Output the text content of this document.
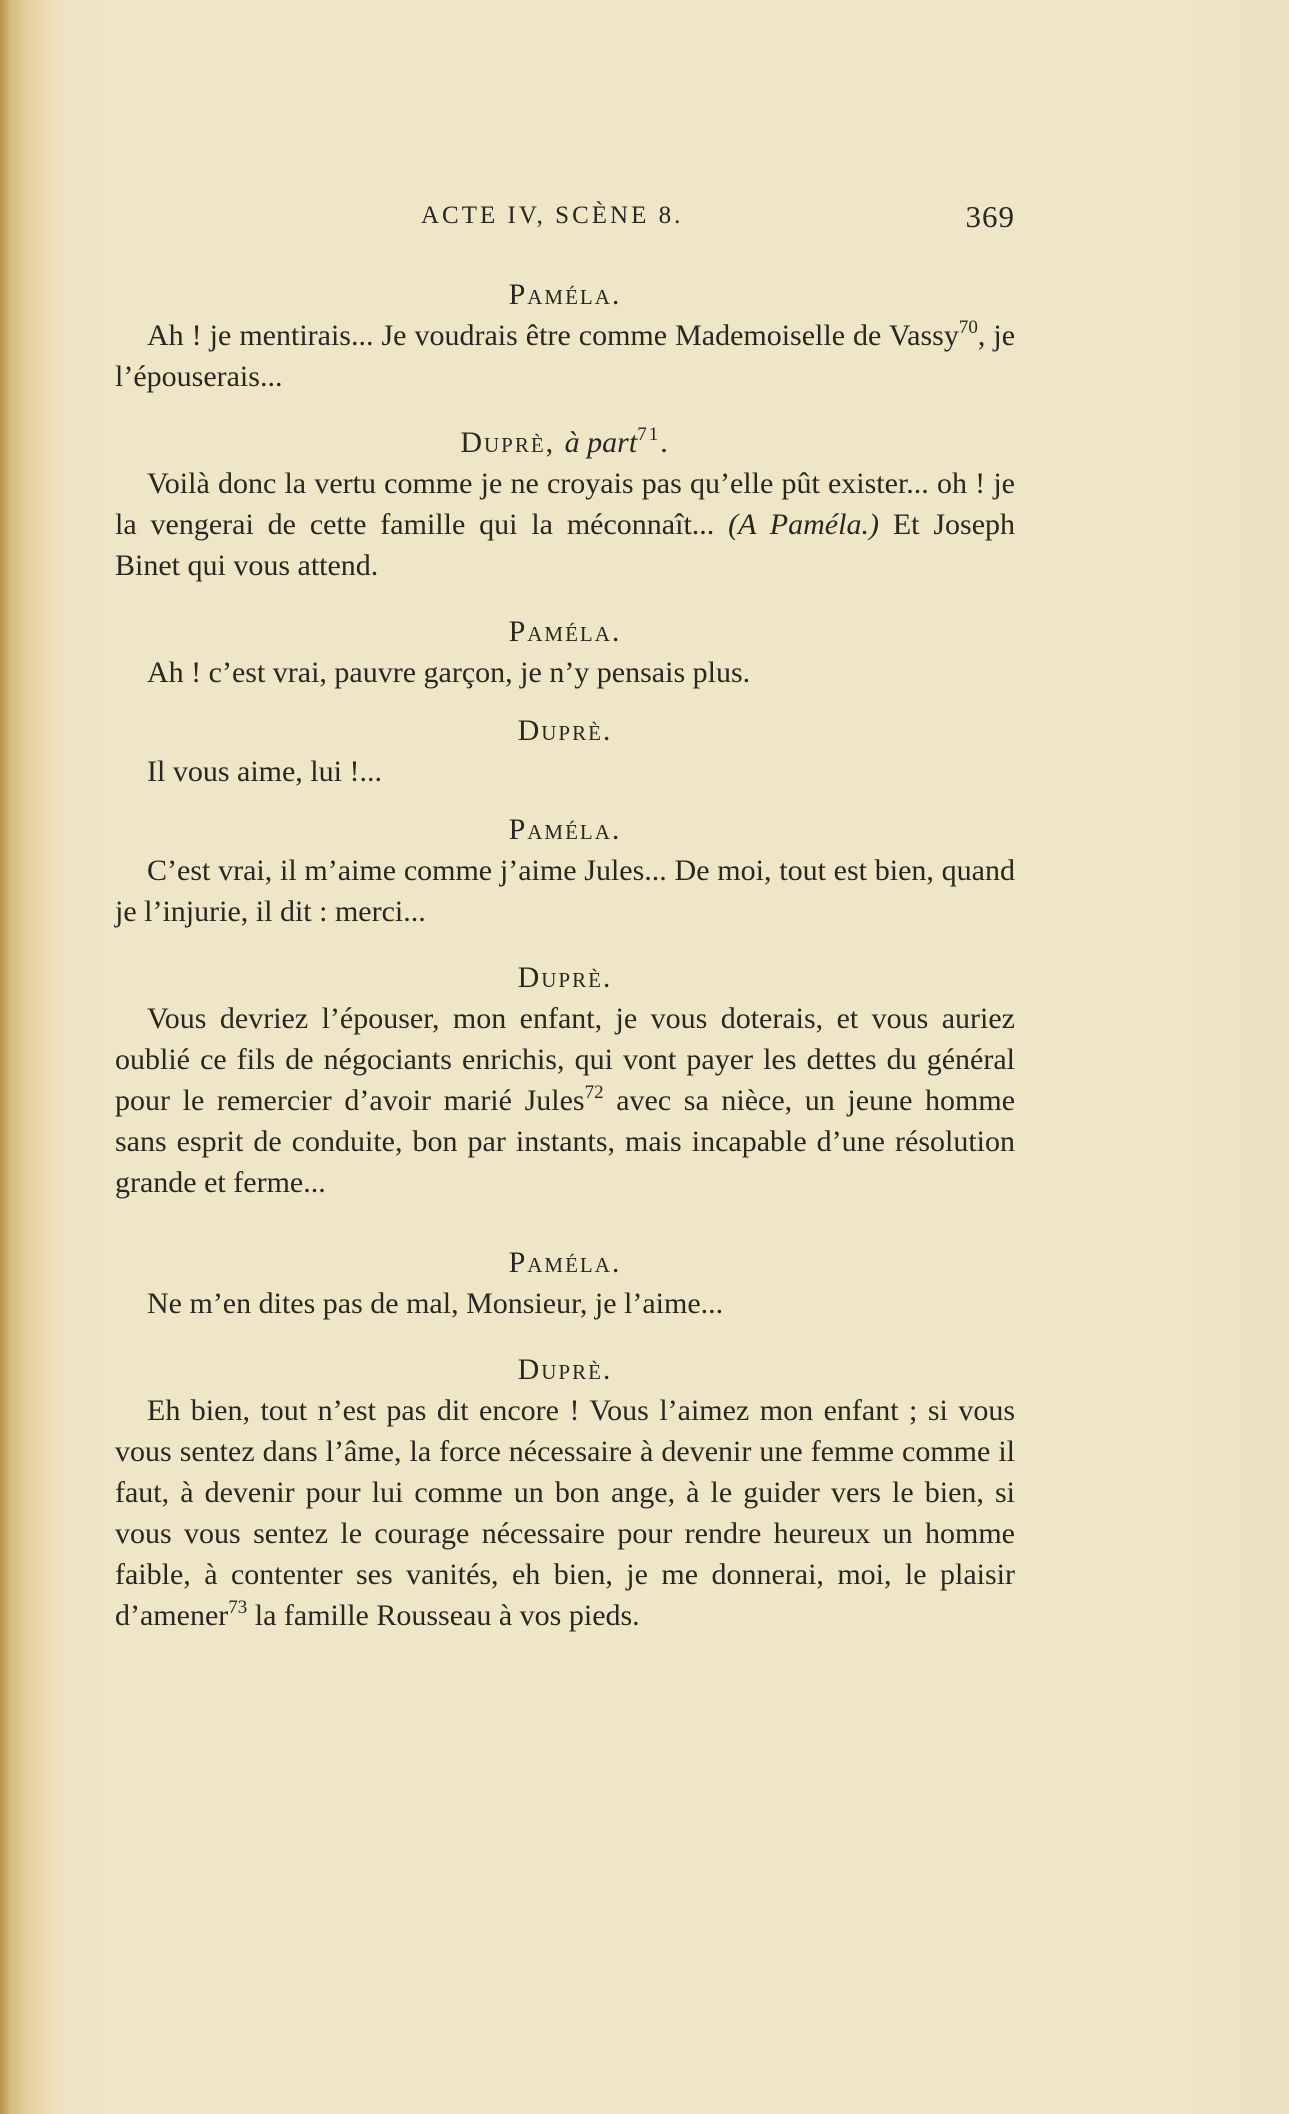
ACTE IV, SCÈNE 8.	369
Paméla.

Ah ! je mentirais... Je voudrais être comme Mademoiselle de Vassy$^{70}$, je l’épouserais...

Duprè, à part$^{71}$.

Voilà donc la vertu comme je ne croyais pas qu’elle pût exister... oh ! je la vengerai de cette famille qui la méconnaît... (A Paméla.) Et Joseph Binet qui vous attend.

Paméla.

Ah ! c’est vrai, pauvre garçon, je n’y pensais plus.

Duprè.

Il vous aime, lui !...

Paméla.

C’est vrai, il m’aime comme j’aime Jules... De moi, tout est bien, quand je l’injurie, il dit : merci...

Duprè.

Vous devriez l’épouser, mon enfant, je vous doterais, et vous auriez oublié ce fils de négociants enrichis, qui vont payer les dettes du général pour le remercier d’avoir marié Jules$^{72}$ avec sa nièce, un jeune homme sans esprit de conduite, bon par instants, mais incapable d’une résolution grande et ferme...

Paméla.

Ne m’en dites pas de mal, Monsieur, je l’aime...

Duprè.

Eh bien, tout n’est pas dit encore ! Vous l’aimez mon enfant ; si vous vous sentez dans l’âme, la force nécessaire à devenir une femme comme il faut, à devenir pour lui comme un bon ange, à le guider vers le bien, si vous vous sentez le courage nécessaire pour rendre heureux un homme faible, à contenter ses vanités, eh bien, je me donnerai, moi, le plaisir d’amener$^{73}$ la famille Rousseau à vos pieds.
